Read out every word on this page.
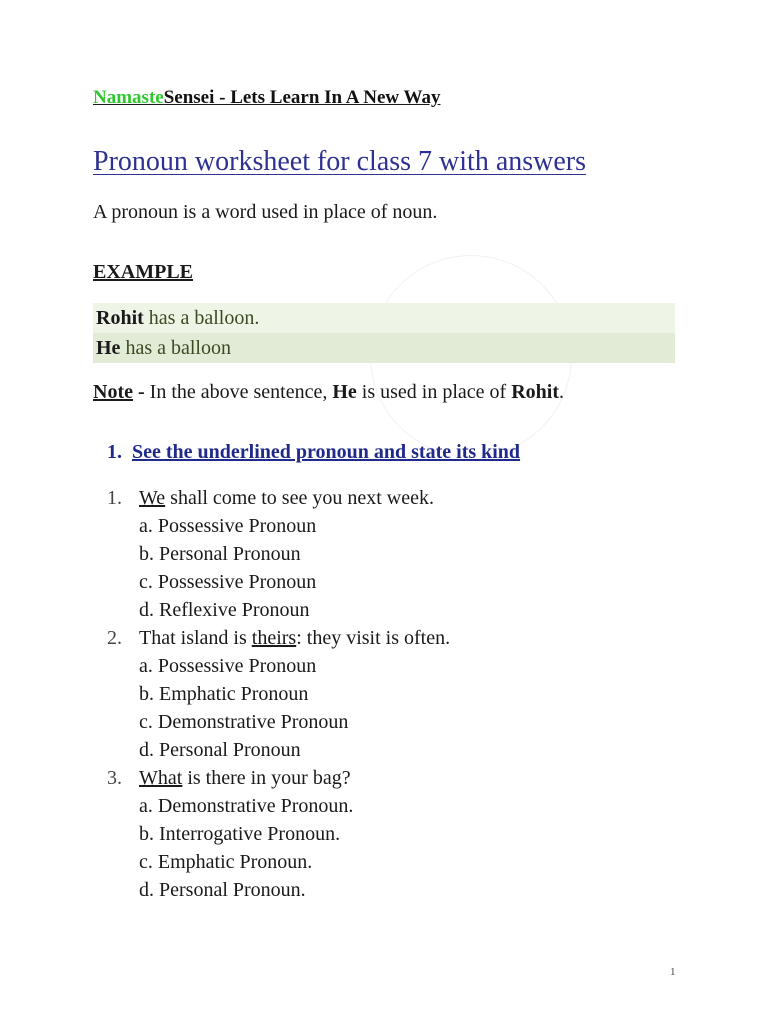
NamasteSensei - Lets Learn In A New Way
Pronoun worksheet for class 7 with answers
A pronoun is a word used in place of noun.
EXAMPLE
Rohit has a balloon.
He has a balloon
Note - In the above sentence, He is used in place of Rohit.
1. See the underlined pronoun and state its kind
1. We shall come to see you next week.
a. Possessive Pronoun
b. Personal Pronoun
c. Possessive Pronoun
d. Reflexive Pronoun
2. That island is theirs: they visit is often.
a. Possessive Pronoun
b. Emphatic Pronoun
c. Demonstrative Pronoun
d. Personal Pronoun
3. What is there in your bag?
a. Demonstrative Pronoun.
b. Interrogative Pronoun.
c. Emphatic Pronoun.
d. Personal Pronoun.
1
